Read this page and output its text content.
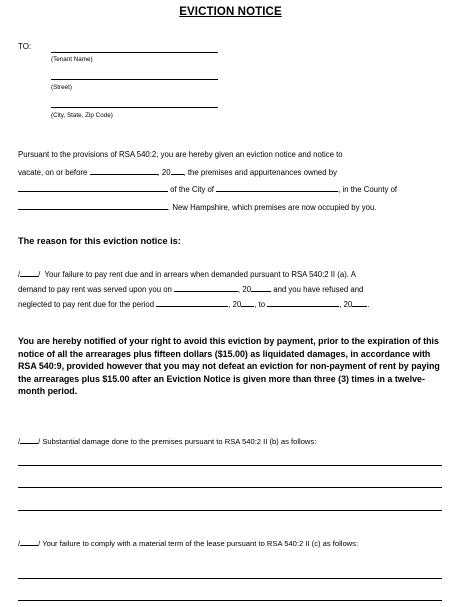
EVICTION NOTICE
TO:
(Tenant Name)
(Street)
(City, State, Zip Code)
Pursuant to the provisions of RSA 540:2, you are hereby given an eviction notice and notice to
vacate, on or before	, 20 , the premises and appurtenances owned by
of the City of	, in the County of
. New Hampshire, which premises are now occupied by you.
The reason for this eviction notice is:
/ / Your failure to pay rent due and in arrears when demanded pursuant to RSA 540:2 II (a). A
demand to pay rent was served upon you on	, 20	and you have refused and
neglected to pay rent due for the period	, 20 , to	, 20 .
You are hereby notified of your right to avoid this eviction by payment, prior to the expiration of this notice of all the arrearages plus fifteen dollars ($15.00) as liquidated damages, in accordance with RSA 540:9, provided however that you may not defeat an eviction for non-payment of rent by paying the arrearages plus $15.00 after an Eviction Notice is given more than three (3) times in a twelve-month period.
/ / Substantial damage done to the premises pursuant to RSA 540:2 II (b) as follows:
/ / Your failure to comply with a material term of the lease pursuant to RSA 540:2 II (c) as follows:
